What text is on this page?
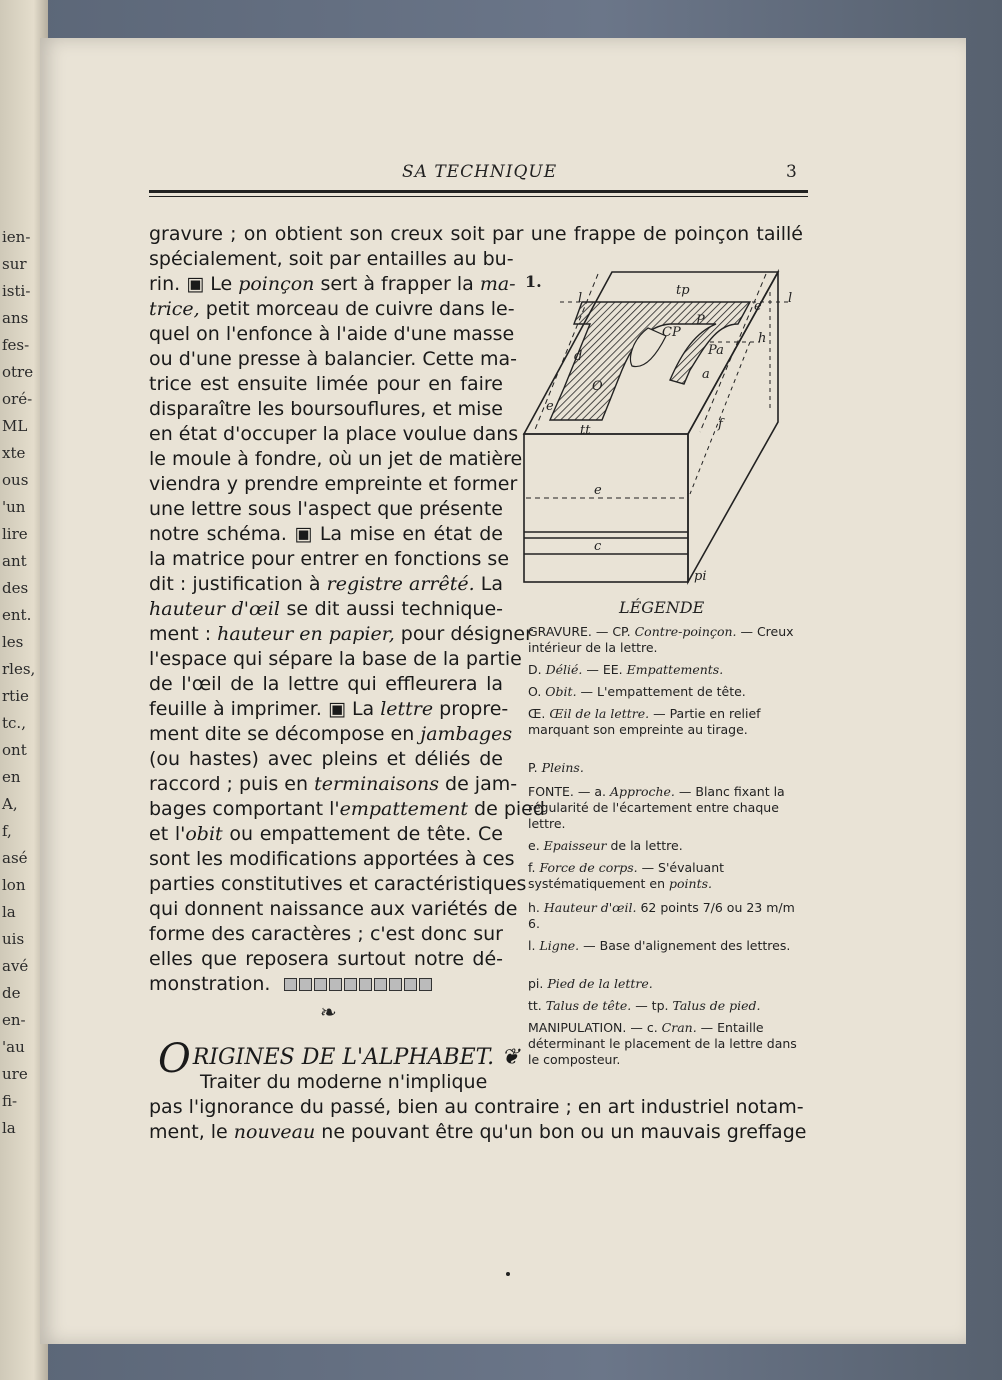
ien-
sur
isti-
ans
fes-
otre
oré-
ML
xte
ous
'un
lire
ant
des
ent.
les
rles,
rtie
tc.,
ont
en
A,
f,
asé
lon
la
uis
avé
de
en-
'au
ure
fi-
la
SA TECHNIQUE	3
gravure ; on obtient son creux soit par une frappe de poinçon taillé
spécialement, soit par entailles au bu-
rin. ▣ Le poinçon sert à frapper la ma-
trice, petit morceau de cuivre dans le-
quel on l'enfonce à l'aide d'une masse
ou d'une presse à balancier. Cette ma-
trice est ensuite limée pour en faire
disparaître les boursouflures, et mise
en état d'occuper la place voulue dans
le moule à fondre, où un jet de matière
viendra y prendre empreinte et former
une lettre sous l'aspect que présente
notre schéma. ▣ La mise en état de
la matrice pour entrer en fonctions se
dit : justification à registre arrêté. La
hauteur d'œil se dit aussi technique-
ment : hauteur en papier, pour désigner
l'espace qui sépare la base de la partie
de l'œil de la lettre qui effleurera la
feuille à imprimer. ▣ La lettre propre-
ment dite se décompose en jambages
(ou hastes) avec pleins et déliés de
raccord ; puis en terminaisons de jam-
bages comportant l'empattement de pied
et l'obit ou empattement de tête. Ce
sont les modifications apportées à ces
parties constitutives et caractéristiques
qui donnent naissance aux variétés de
forme des caractères ; c'est donc sur
elles que reposera surtout notre dé-
monstration.
❧
ORIGINES DE L'ALPHABET. ❦
Traiter du moderne n'implique
pas l'ignorance du passé, bien au contraire ; en art industriel notam-
ment, le nouveau ne pouvant être qu'un bon ou un mauvais greffage
1.	tp
l	l
CP
P
e
h
Pa
a
d
O
f
e
tt
e
c
pi
LÉGENDE
GRAVURE. — CP. Contre-poinçon. — Creux intérieur de la lettre.
D. Délié. — EE. Empattements.
O. Obit. — L'empattement de tête.
Œ. Œil de la lettre. — Partie en relief marquant son empreinte au tirage.
P. Pleins.
FONTE. — a. Approche. — Blanc fixant la régularité de l'écartement entre chaque lettre.
e. Epaisseur de la lettre.
f. Force de corps. — S'évaluant systématiquement en points.
h. Hauteur d'œil. 62 points 7/6 ou 23 m/m 6.
l. Ligne. — Base d'alignement des lettres.
pi. Pied de la lettre.
tt. Talus de tête. — tp. Talus de pied.
MANIPULATION. — c. Cran. — Entaille déterminant le placement de la lettre dans le composteur.
